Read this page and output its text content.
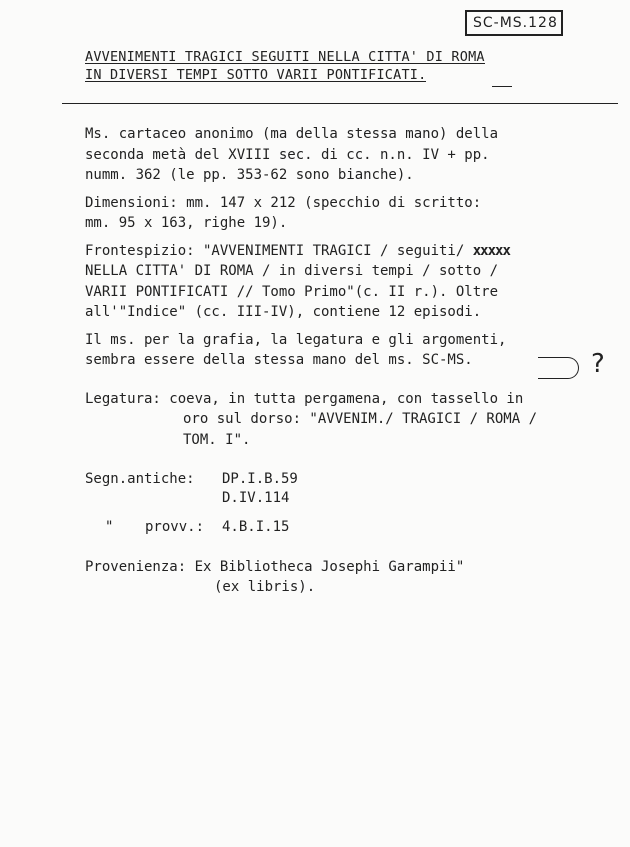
SC-MS.128
AVVENIMENTI TRAGICI SEGUITI NELLA CITTA' DI ROMA
IN DIVERSI TEMPI SOTTO VARII PONTIFICATI.
Ms. cartaceo anonimo (ma della stessa mano) della
seconda metà del XVIII sec. di cc. n.n. IV + pp.
numm. 362 (le pp. 353-62 sono bianche).
Dimensioni: mm. 147 x 212 (specchio di scritto:
mm. 95 x 163, righe 19).
Frontespizio: "AVVENIMENTI TRAGICI / seguiti/ xxxxx
NELLA CITTA' DI ROMA / in diversi tempi / sotto /
VARII PONTIFICATI // Tomo Primo"(c. II r.). Oltre
all'"Indice" (cc. III-IV), contiene 12 episodi.
Il ms. per la grafia, la legatura e gli argomenti,
sembra essere della stessa mano del ms. SC-MS.	?
Legatura: coeva, in tutta pergamena, con tassello in
oro sul dorso: "AVVENIM./ TRAGICI / ROMA /
TOM. I".
Segn.antiche: DP.I.B.59
D.IV.114
" provv.: 4.B.I.15
Provenienza: Ex Bibliotheca Josephi Garampii"
(ex libris).
